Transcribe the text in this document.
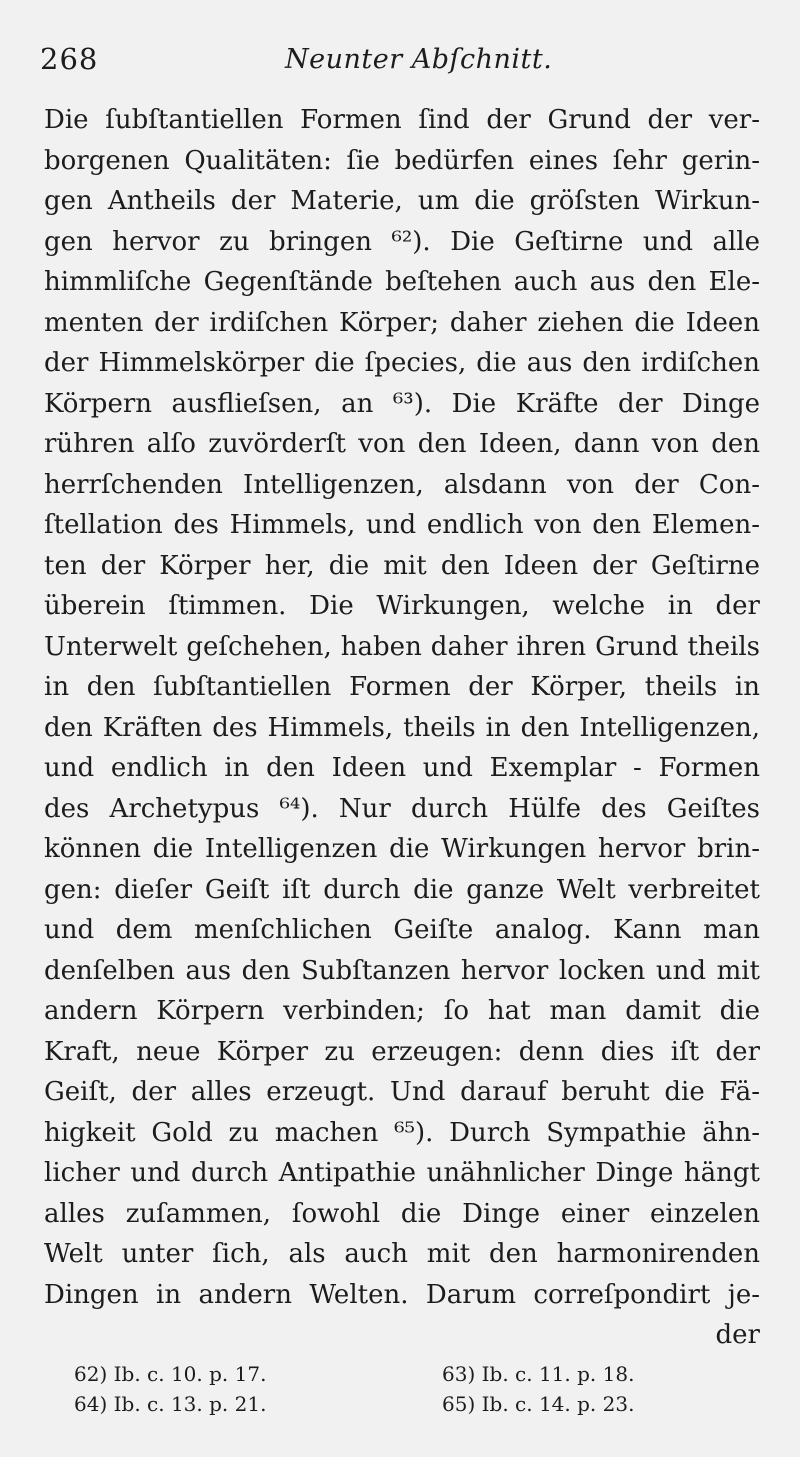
268	Neunter Abſchnitt.
Die ſubſtantiellen Formen ſind der Grund der ver-
borgenen Qualitäten: ſie bedürfen eines ſehr gerin-
gen Antheils der Materie, um die gröſsten Wirkun-
gen hervor zu bringen ⁶²). Die Geſtirne und alle
himmliſche Gegenſtände beſtehen auch aus den Ele-
menten der irdiſchen Körper; daher ziehen die Ideen
der Himmelskörper die ſpecies, die aus den irdiſchen
Körpern ausflieſsen, an ⁶³). Die Kräfte der Dinge
rühren alſo zuvörderſt von den Ideen, dann von den
herrſchenden Intelligenzen, alsdann von der Con-
ſtellation des Himmels, und endlich von den Elemen-
ten der Körper her, die mit den Ideen der Geſtirne
überein ſtimmen. Die Wirkungen, welche in der
Unterwelt geſchehen, haben daher ihren Grund theils
in den ſubſtantiellen Formen der Körper, theils in
den Kräften des Himmels, theils in den Intelligenzen,
und endlich in den Ideen und Exemplar - Formen
des Archetypus ⁶⁴). Nur durch Hülfe des Geiſtes
können die Intelligenzen die Wirkungen hervor brin-
gen: dieſer Geiſt iſt durch die ganze Welt verbreitet
und dem menſchlichen Geiſte analog. Kann man
denſelben aus den Subſtanzen hervor locken und mit
andern Körpern verbinden; ſo hat man damit die
Kraft, neue Körper zu erzeugen: denn dies iſt der
Geiſt, der alles erzeugt. Und darauf beruht die Fä-
higkeit Gold zu machen ⁶⁵). Durch Sympathie ähn-
licher und durch Antipathie unähnlicher Dinge hängt
alles zuſammen, ſowohl die Dinge einer einzelen
Welt unter ſich, als auch mit den harmonirenden
Dingen in andern Welten. Darum correſpondirt je-
der
62) Ib. c. 10. p. 17.	63) Ib. c. 11. p. 18.
64) Ib. c. 13. p. 21.	65) Ib. c. 14. p. 23.
